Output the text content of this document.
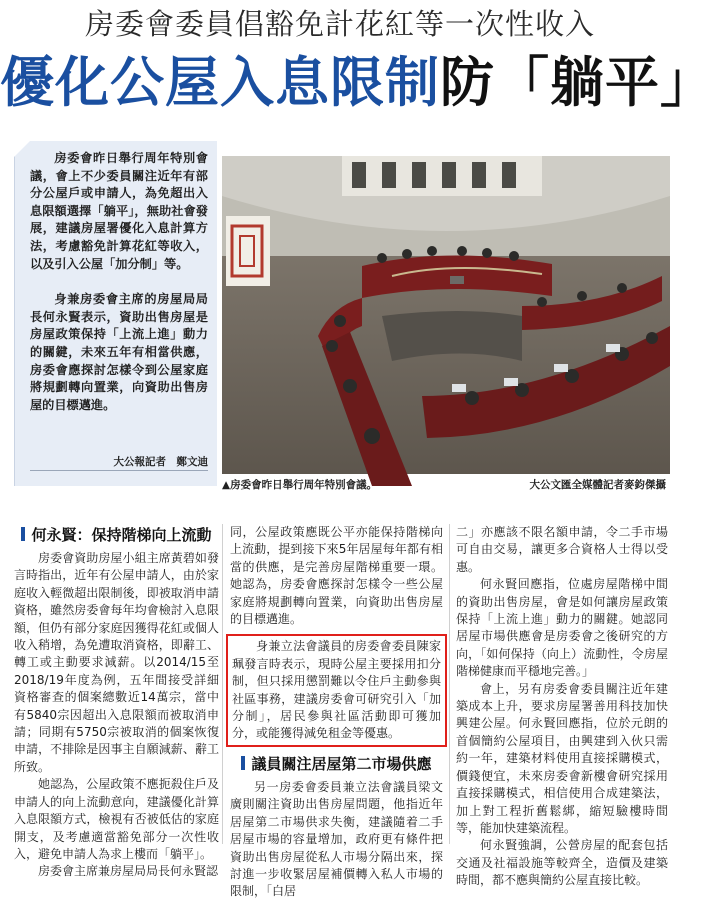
房委會委員倡豁免計花紅等一次性收入
優化公屋入息限制防「躺平」

房委會昨日舉行周年特別會議，會上不少委員關注近年有部分公屋戶或申請人，為免超出入息限額選擇「躺平」，無助社會發展，建議房屋署優化入息計算方法，考慮豁免計算花紅等收入，以及引入公屋「加分制」等。

身兼房委會主席的房屋局局長何永賢表示，資助出售房屋是房屋政策保持「上流上進」動力的關鍵，未來五年有相當供應，房委會應探討怎樣令到公屋家庭將規劃轉向置業，向資助出售房屋的目標邁進。

大公報記者　鄭文迪
▲房委會昨日舉行周年特別會議。	大公文匯全媒體記者麥鈞傑攝

何永賢：保持階梯向上流動

房委會資助房屋小組主席黃碧如發言時指出，近年有公屋申請人，由於家庭收入輕微超出限制後，即被取消申請資格，雖然房委會每年均會檢討入息限額，但仍有部分家庭因獲得花紅或個人收入稍增，為免遭取消資格，即辭工、轉工或主動要求減薪。以2014/15至2018/19年度為例，五年間接受詳細資格審查的個案總數近14萬宗，當中有5840宗因超出入息限額而被取消申請；同期有5750宗被取消的個案恢復申請，不排除是因事主自願減薪、辭工所致。

她認為，公屋政策不應扼殺住戶及申請人的向上流動意向，建議優化計算入息限額方式，檢視有否被低估的家庭開支，及考慮適當豁免部分一次性收入，避免申請人為求上樓而「躺平」。

房委會主席兼房屋局局長何永賢認

同，公屋政策應既公平亦能保持階梯向上流動，提到接下來5年居屋每年都有相當的供應，是完善房屋階梯重要一環。她認為，房委會應探討怎樣令一些公屋家庭將規劃轉向置業，向資助出售房屋的目標邁進。

身兼立法會議員的房委會委員陳家珮發言時表示，現時公屋主要採用扣分制，但只採用懲罰難以令住戶主動參與社區事務，建議房委會可研究引入「加分制」，居民參與社區活動即可獲加分，或能獲得減免租金等優惠。

議員關注居屋第二市場供應

另一房委會委員兼立法會議員梁文廣則關注資助出售房屋問題，他指近年居屋第二市場供求失衡，建議隨着二手居屋市場的容量增加，政府更有條件把資助出售房屋從私人市場分隔出來，探討進一步收緊居屋補價轉入私人市場的限制，「白居

二」亦應該不限名額申請，令二手市場可自由交易，讓更多合資格人士得以受惠。

何永賢回應指，位處房屋階梯中間的資助出售房屋，會是如何讓房屋政策保持「上流上進」動力的關鍵。她認同居屋市場供應會是房委會之後研究的方向，「如何保持（向上）流動性，令房屋階梯健康而平穩地完善。」

會上，另有房委會委員關注近年建築成本上升，要求房屋署善用科技加快興建公屋。何永賢回應指，位於元朗的首個簡約公屋項目，由興建到入伙只需約一年，建築材料使用直接採購模式，價錢便宜，未來房委會新樓會研究採用直接採購模式，相信使用合成建築法，加上對工程折舊鬆綁，縮短驗樓時間等，能加快建築流程。

何永賢強調，公營房屋的配套包括交通及社福設施等較齊全，造價及建築時間，都不應與簡約公屋直接比較。
